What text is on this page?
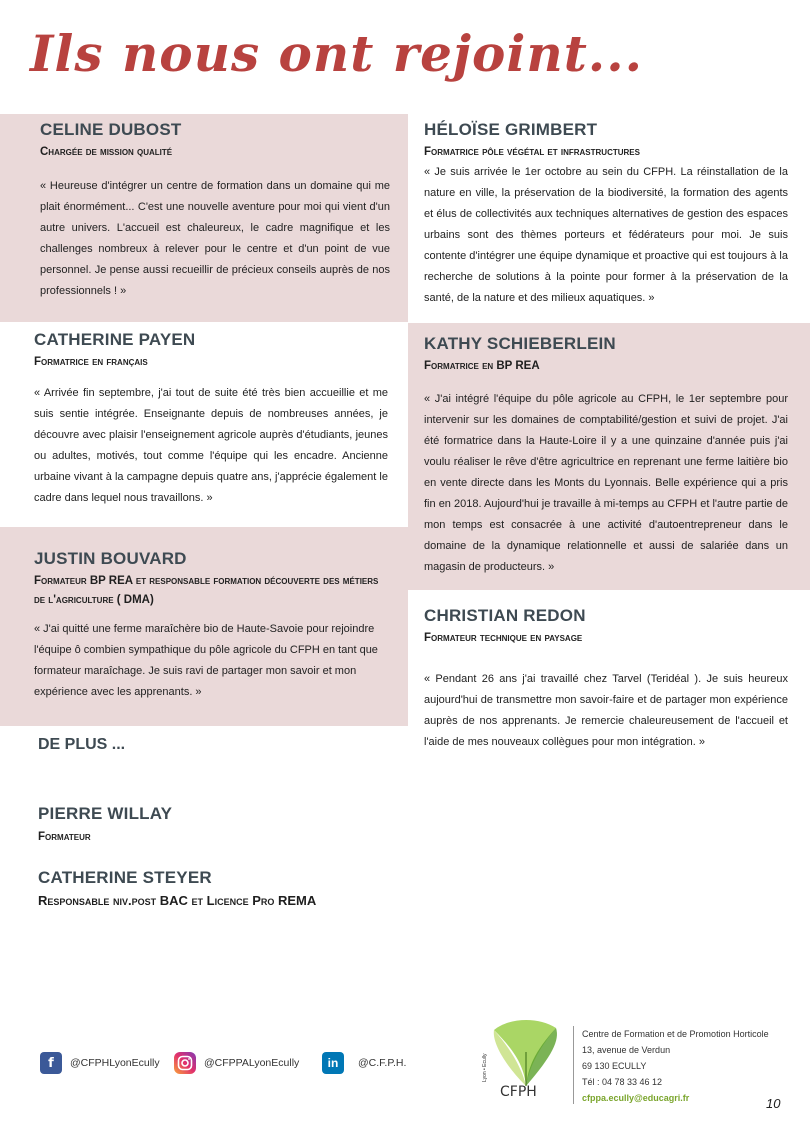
Ils nous ont rejoint...
CELINE DUBOST
Chargée de mission qualité
« Heureuse d'intégrer un centre de formation dans un domaine qui me plait énormément... C'est une nouvelle aventure pour moi qui vient d'un autre univers. L'accueil est chaleureux, le cadre magnifique et les challenges nombreux à relever pour le centre et d'un point de vue personnel. Je pense aussi recueillir de précieux conseils auprès de nos professionnels ! »
HÉLOÏSE GRIMBERT
Formatrice pôle végétal et infrastructures
« Je suis arrivée le 1er octobre au sein du CFPH. La réinstallation de la nature en ville, la préservation de la biodiversité, la formation des agents et élus de collectivités aux techniques alternatives de gestion des espaces urbains sont des thèmes porteurs et fédérateurs pour moi. Je suis contente d'intégrer une équipe dynamique et proactive qui est toujours à la recherche de solutions à la pointe pour former à la préservation de la santé, de la nature et des milieux aquatiques. »
CATHERINE PAYEN
Formatrice en français
« Arrivée fin septembre, j'ai tout de suite été très bien accueillie et me suis sentie intégrée. Enseignante depuis de nombreuses années, je découvre avec plaisir l'enseignement agricole auprès d'étudiants, jeunes ou adultes, motivés, tout comme l'équipe qui les encadre. Ancienne urbaine vivant à la campagne depuis quatre ans, j'apprécie également le cadre dans lequel nous travaillons. »
KATHY SCHIEBERLEIN
Formatrice en BP REA
« J'ai intégré l'équipe du pôle agricole au CFPH, le 1er septembre pour intervenir sur les domaines de comptabilité/gestion et suivi de projet. J'ai été formatrice dans la Haute-Loire il y a une quinzaine d'année puis j'ai voulu réaliser le rêve d'être agricultrice en reprenant une ferme laitière bio en vente directe dans les Monts du Lyonnais. Belle expérience qui a pris fin en 2018. Aujourd'hui je travaille à mi-temps au CFPH et l'autre partie de mon temps est consacrée à une activité d'autoentrepreneur dans le domaine de la dynamique relationnelle et aussi de salariée dans un magasin de producteurs. »
JUSTIN BOUVARD
Formateur BP REA et responsable formation découverte des métiers de l'agriculture ( DMA)
« J'ai quitté une ferme maraîchère bio de Haute-Savoie pour rejoindre l'équipe ô combien sympathique du pôle agricole du CFPH en tant que formateur maraîchage. Je suis ravi de partager mon savoir et mon expérience avec les apprenants. »
CHRISTIAN REDON
Formateur technique en paysage
« Pendant 26 ans j'ai travaillé chez Tarvel (Teridéal ). Je suis heureux aujourd'hui de transmettre mon savoir-faire et de partager mon expérience auprès de nos apprenants. Je remercie chaleureusement de l'accueil et l'aide de mes nouveaux collègues pour mon intégration. »
DE PLUS ...
PIERRE WILLAY
Formateur
CATHERINE STEYER
Responsable niv.post BAC et Licence Pro REMA
f	@CFPHLyonEcully	@CFPPALyonEcully	in	@C.F.P.H.	Lyon • Ecully
CFPH
Centre de Formation et de Promotion Horticole
13, avenue de Verdun
69 130 ECULLY
Tél : 04 78 33 46 12
cfppa.ecully@educagri.fr	10
